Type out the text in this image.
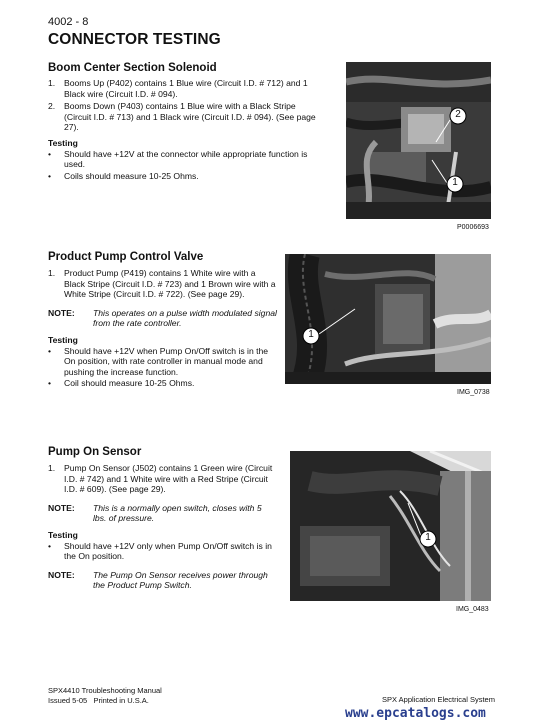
4002 - 8
CONNECTOR TESTING
Boom Center Section Solenoid
1. Booms Up (P402) contains 1 Blue wire (Circuit I.D. # 712) and 1 Black wire (Circuit I.D. # 094).
2. Booms Down (P403) contains 1 Blue wire with a Black Stripe (Circuit I.D. # 713) and 1 Black wire (Circuit I.D. # 094). (See page 27).
Testing
• Should have +12V at the connector while appropriate function is used.
• Coils should measure 10-25 Ohms.
2
1
P0006693
Product Pump Control Valve
1. Product Pump (P419) contains 1 White wire with a Black Stripe (Circuit I.D. # 723) and 1 Brown wire with a White Stripe (Circuit I.D. # 722). (See page 29).
NOTE: This operates on a pulse width modulated signal from the rate controller.
Testing
• Should have +12V when Pump On/Off switch is in the On position, with rate controller in manual mode and pushing the increase function.
• Coil should measure 10-25 Ohms.
1
IMG_0738
Pump On Sensor
1. Pump On Sensor (J502) contains 1 Green wire (Circuit I.D. # 742) and 1 White wire with a Red Stripe (Circuit I.D. # 609). (See page 29).
NOTE: This is a normally open switch, closes with 5 lbs. of pressure.
Testing
• Should have +12V only when Pump On/Off switch is in the On position.
NOTE: The Pump On Sensor receives power through the Product Pump Switch.
1
IMG_0483
SPX4410 Troubleshooting Manual
Issued 5-05   Printed in U.S.A.	SPX Application Electrical System
www.epcatalogs.com
